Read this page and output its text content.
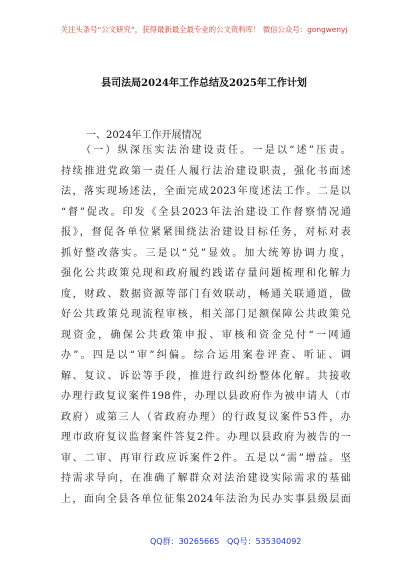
关注头条号“公文研究”，获得最新最全最专业的公文资料库！ 微信公众号：gongwenyj
县司法局2024年工作总结及2025年工作计划
一、2024年工作开展情况
（一）纵深压实法治建设责任。一是以“述”压责。
持续推进党政第一责任人履行法治建设职责，强化书面述
法，落实现场述法，全面完成2023年度述法工作。二是以
“督”促改。印发《全县2023年法治建设工作督察情况通
报》，督促各单位紧紧围绕法治建设目标任务，对标对表
抓好整改落实。三是以“兑”显效。加大统筹协调力度，
强化公共政策兑现和政府履约践诺存量问题梳理和化解力
度，财政、数据资源等部门有效联动，畅通关联通道，做
好公共政策兑现流程审核，相关部门足额保障公共政策兑
现资金，确保公共政策申报、审核和资金兑付“一网通
办”。四是以“审”纠偏。综合运用案卷评查、听证、调
解、复议、诉讼等手段，推进行政纠纷整体化解。共接收
办理行政复议案件198件，办理以县政府作为被申请人（市
政府）或第三人（省政府办理）的行政复议案件53件，办
理市政府复议监督案件答复2件。办理以县政府为被告的一
审、二审、再审行政应诉案件2件。五是以“需”增益。坚
持需求导向，在准确了解群众对法治建设实际需求的基础
上，面向全县各单位征集2024年法治为民办实事县级层面
QQ群：30265665 QQ号：535304092
